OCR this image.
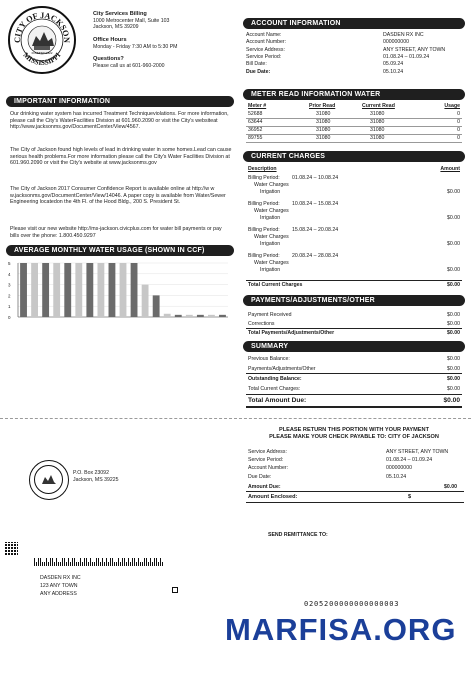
CITY OF JACKSON
MISSISSIPPI
FOUNDED 1822
City Services Billing
1000 Metrocenter Mall, Suite 103
Jackson, MS 39209
Office Hours
Monday - Friday 7:30 AM to 5:30 PM
Questions?
Please call us at 601-960-2000
IMPORTANT INFORMATION

Our drinking water system has incurred Treatment Techniqueviolations. For more information, please call the City's WaterFacilities Division at 601.960.2090 or visit the City's websiteat http://www.jacksonms.gov/DocumentCenter/View/4567.

The City of Jackson found high levels of lead in drinking water in some homes.Lead can cause serious health problems.For more information please call the City's Water Facilities Division at 601.960.2090 or visit the City's website at www.jacksonms.gov

The City of Jackson 2017 Consumer Confidence Report is available online at http://w w w.jacksonms.gov/DocumentCenter/View/14046. A paper copy is available from Water/Sewer Engineering locatedon the 4th Fl. of the Hood Bldg., 200 S. President St.

Please visit our new website http://ms-jackson.civicplus.com for water bill payments or pay bills over the phone: 1.800.450.9297

AVERAGE MONTHLY WATER USAGE (SHOWN IN CCF)
5
4
3
2
1
0
ACCOUNT INFORMATION
Account Name:	DASDEN RX INC
Account Number:	000000000
Service Address:	ANY STREET, ANY TOWN
Service Period:	01.08.24 – 01.09.24
Bill Date:	05.09.24
Due Date:	05.10.24
METER READ INFORMATION WATER
Meter #	Prior Read	Current Read	Usage
52688	31080	31080	0
63644	31080	31080	0
36952	31080	31080	0
89755	31080	31080	0
CURRENT CHARGES
Description	Amount
Billing Period: 01.08.24 – 10.08.24
Water Charges
Irrigation	$0.00
Billing Period: 10.08.24 – 15.08.24
Water Charges
Irrigation	$0.00
Billing Period: 15.08.24 – 20.08.24
Water Charges
Irrigation	$0.00
Billing Period: 20.08.24 – 28.08.24
Water Charges
Irrigation	$0.00
Total Current Charges	$0.00
PAYMENTS/ADJUSTMENTS/OTHER
Payment Received	$0.00
Corrections	$0.00
Total Payments/Adjustments/Other	$0.00
SUMMARY
Previous Balance:	$0.00
Payments/Adjustments/Other	$0.00
Outstanding Balance:	$0.00
Total Current Charges:	$0.00
Total Amount Due:	$0.00
PLEASE RETURN THIS PORTION WITH YOUR PAYMENT
PLEASE MAKE YOUR CHECK PAYABLE TO: CITY OF JACKSON
Service Address:	ANY STREET, ANY TOWN
Service Period:	01.08.24 – 01.09.24
Account Number:	000000000
Due Date:	05.10.24
Amount Due:	$0.00
Amount Enclosed:	$
P.O. Box 23092
Jackson, MS 39225
SEND REMITTANCE TO:
DASDEN RX INC
123 ANY TOWN
ANY ADDRESS
0205200000000000003
MARFISA.ORG
